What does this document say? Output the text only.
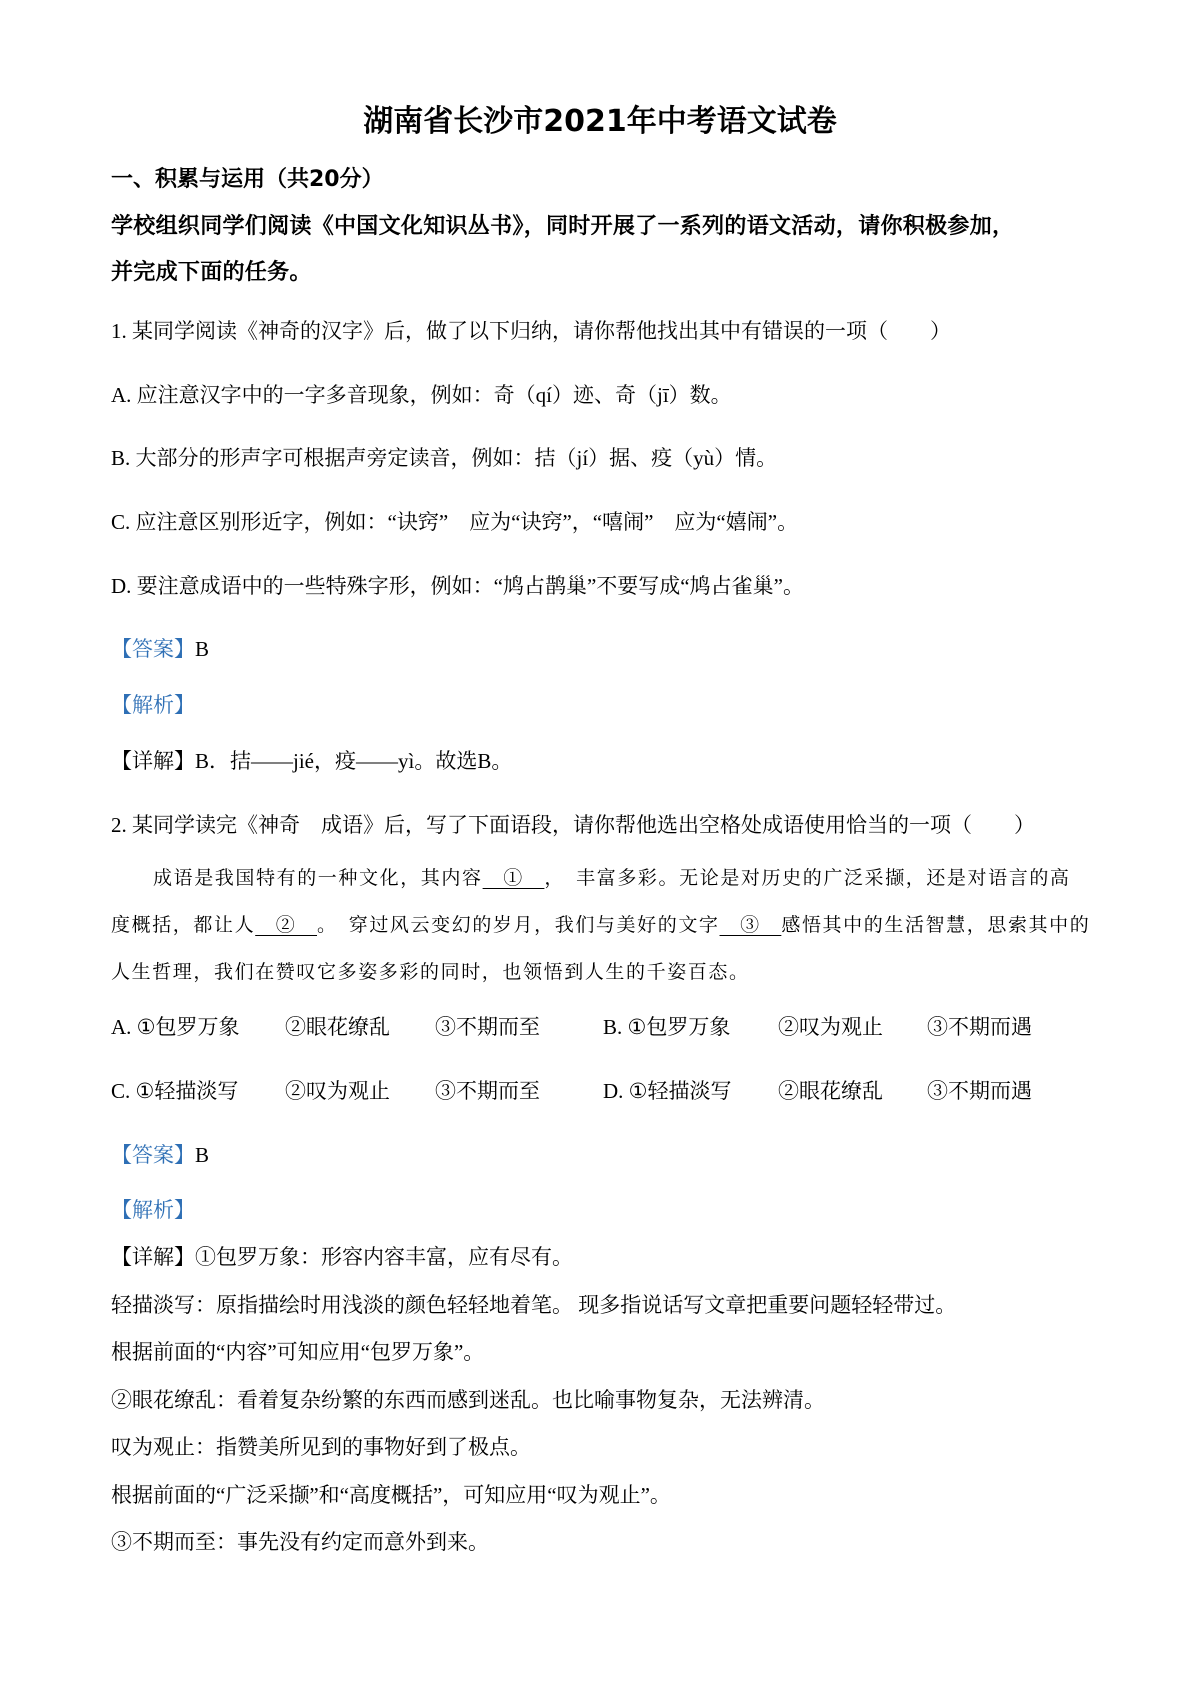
湖南省长沙市2021年中考语文试卷
一、积累与运用（共20分）
学校组织同学们阅读《中国文化知识丛书》，同时开展了一系列的语文活动，请你积极参加，
并完成下面的任务。
1. 某同学阅读《神奇的汉字》后，做了以下归纳，请你帮他找出其中有错误的一项（　　）
A. 应注意汉字中的一字多音现象，例如：奇（qí）迹、奇（jī）数。
B. 大部分的形声字可根据声旁定读音，例如：拮（jí）据、疫（yù）情。
C. 应注意区别形近字，例如：“诀窍”　应为“诀窍”，“嘻闹”　应为“嬉闹”。
D. 要注意成语中的一些特殊字形，例如：“鸠占鹊巢”不要写成“鸠占雀巢”。
【答案】B
【解析】
【详解】B．拮——jié，疫——yì。故选B。
2. 某同学读完《神奇　成语》后，写了下面语段，请你帮他选出空格处成语使用恰当的一项（　　）
成语是我国特有的一种文化，其内容　①　，　丰富多彩。无论是对历史的广泛采撷，还是对语言的高
度概括，都让人　②　。　穿过风云变幻的岁月，我们与美好的文字　③　感悟其中的生活智慧，思索其中的
人生哲理，我们在赞叹它多姿多彩的同时，也领悟到人生的千姿百态。
A. ①包罗万象 ②眼花缭乱 ③不期而至	B. ①包罗万象 ②叹为观止 ③不期而遇
C. ①轻描淡写 ②叹为观止 ③不期而至	D. ①轻描淡写 ②眼花缭乱 ③不期而遇
【答案】B
【解析】
【详解】①包罗万象：形容内容丰富，应有尽有。
轻描淡写：原指描绘时用浅淡的颜色轻轻地着笔。 现多指说话写文章把重要问题轻轻带过。
根据前面的“内容”可知应用“包罗万象”。
②眼花缭乱：看着复杂纷繁的东西而感到迷乱。也比喻事物复杂，无法辨清。
叹为观止：指赞美所见到的事物好到了极点。
根据前面的“广泛采撷”和“高度概括”，可知应用“叹为观止”。
③不期而至：事先没有约定而意外到来。
